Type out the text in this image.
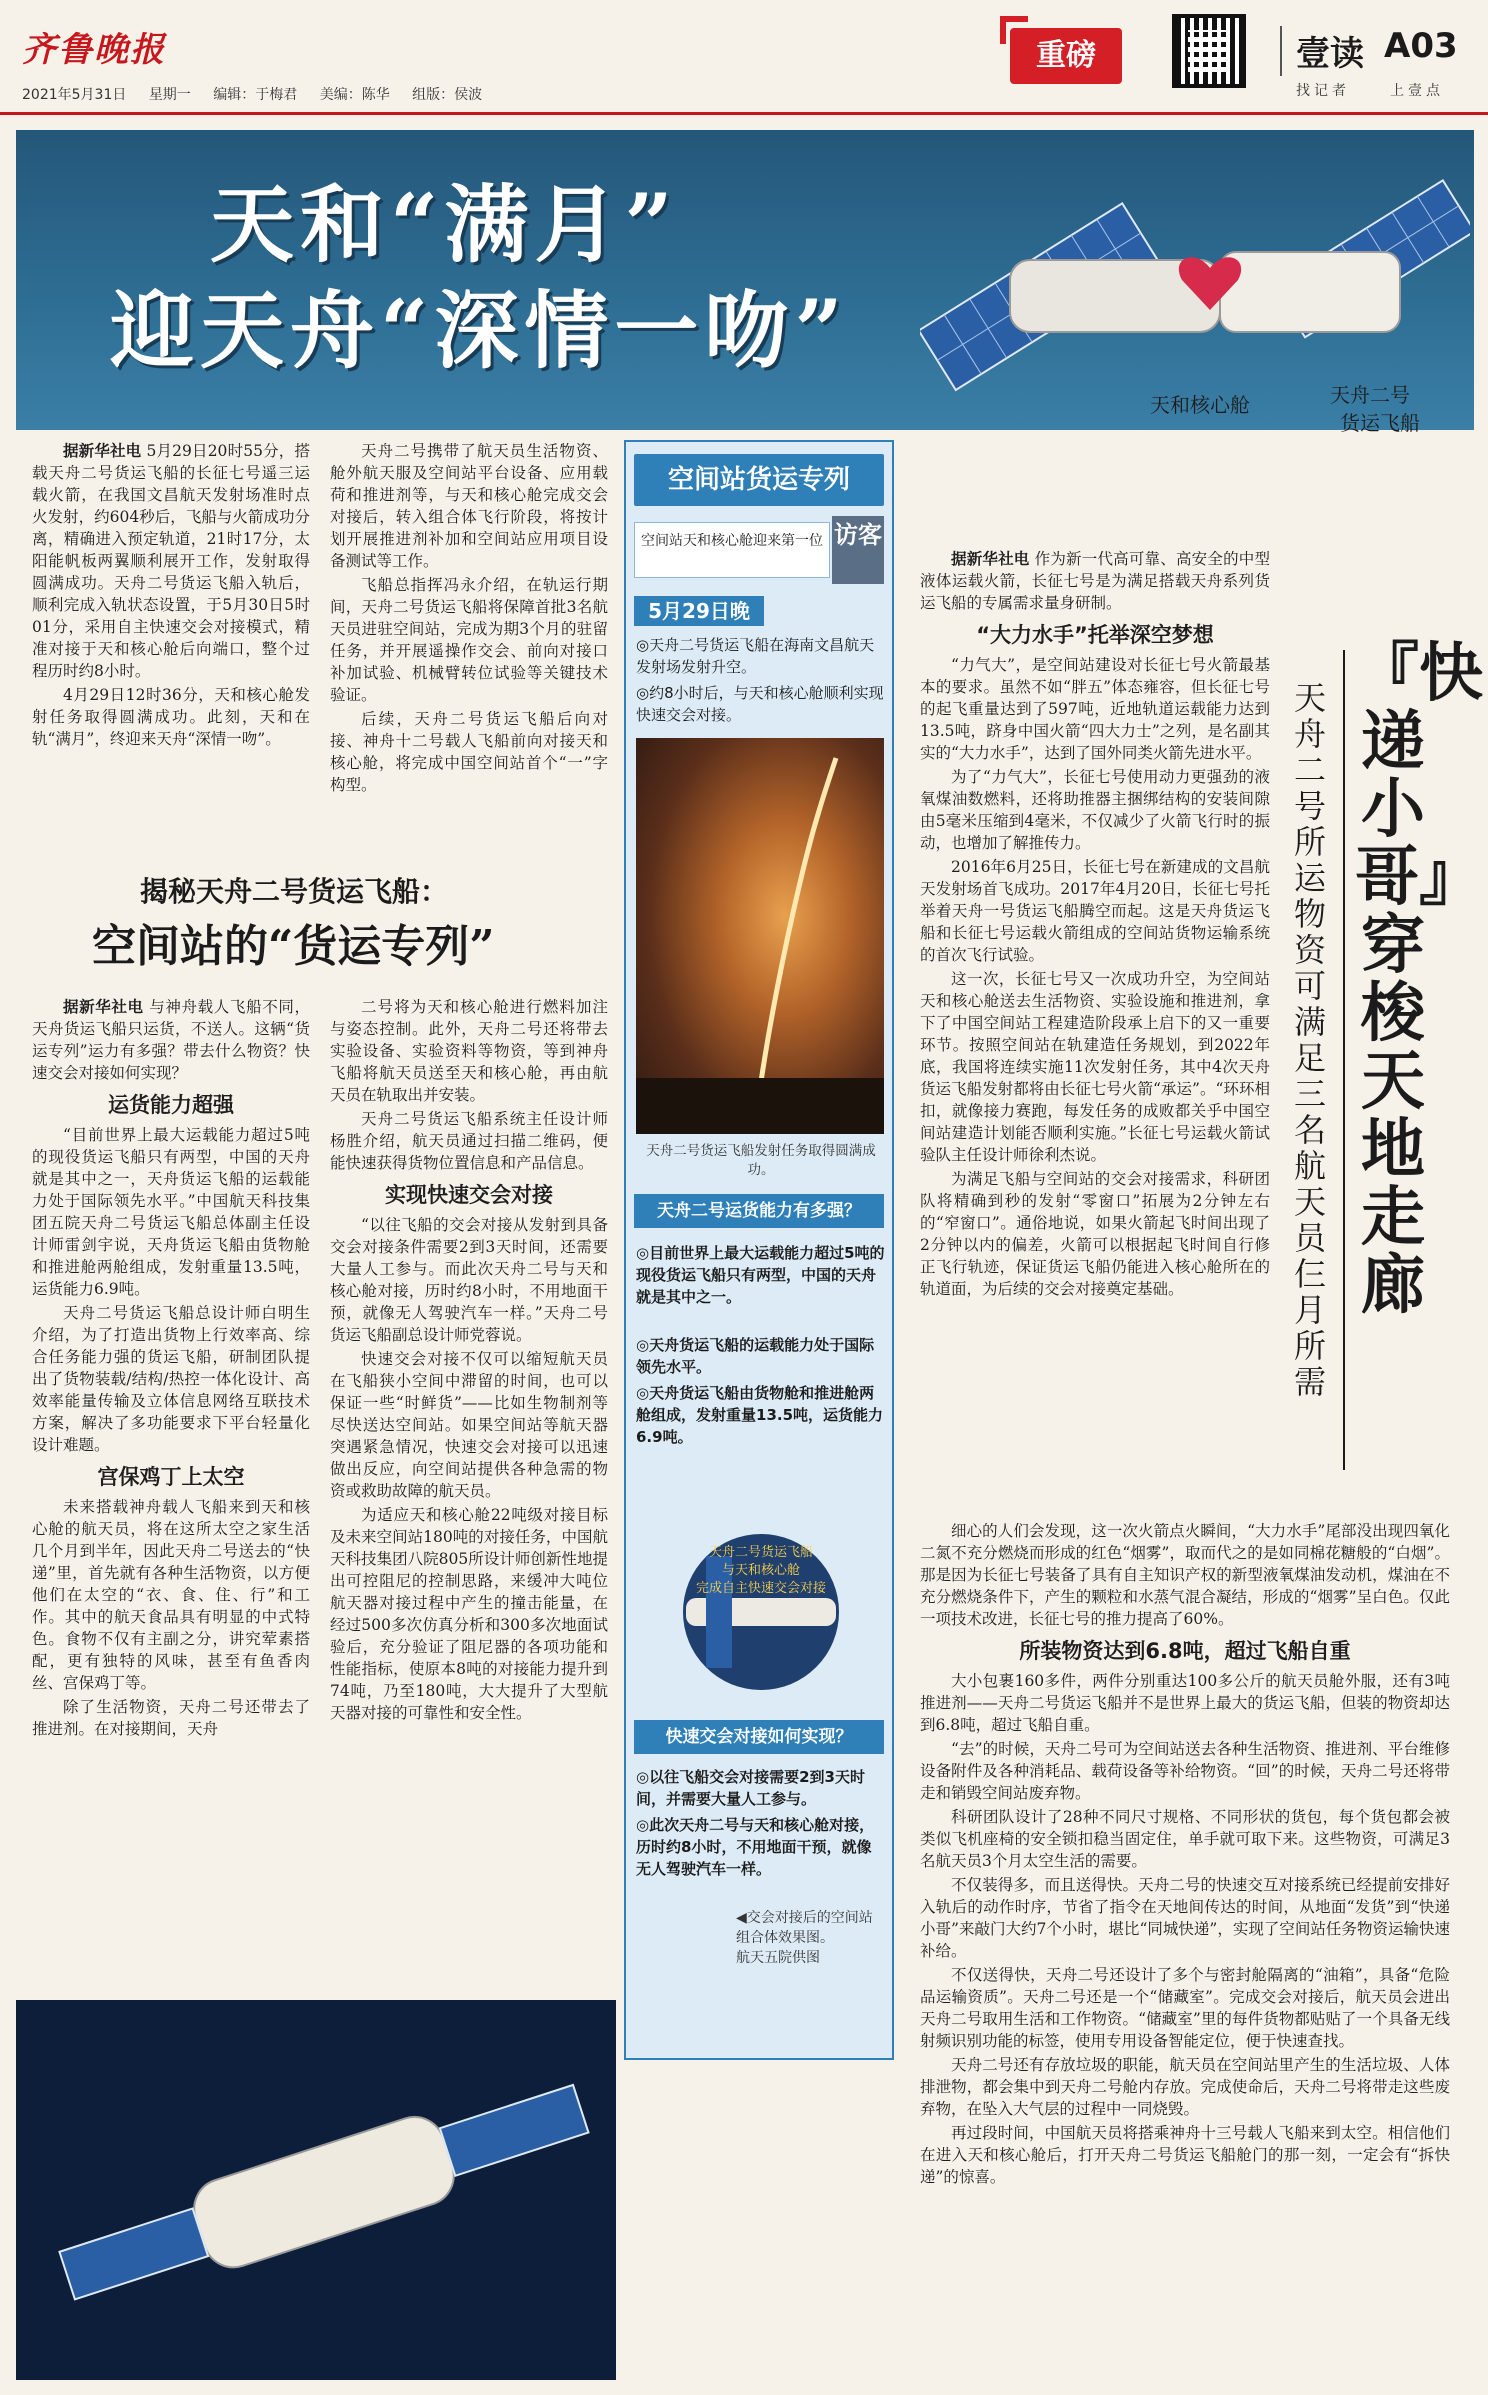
齐鲁晚报
2021年5月31日 星期一 编辑：于梅君 美编：陈华 组版：侯波
重磅	壹读 A03
找记者	上壹点
天和“满月”
迎天舟“深情一吻”
天和核心舱	天舟二号
货运飞船

据新华社电 5月29日20时55分，搭载天舟二号货运飞船的长征七号遥三运载火箭，在我国文昌航天发射场准时点火发射，约604秒后，飞船与火箭成功分离，精确进入预定轨道，21时17分，太阳能帆板两翼顺利展开工作，发射取得圆满成功。天舟二号货运飞船入轨后，顺利完成入轨状态设置，于5月30日5时01分，采用自主快速交会对接模式，精准对接于天和核心舱后向端口，整个过程历时约8小时。

4月29日12时36分，天和核心舱发射任务取得圆满成功。此刻，天和在轨“满月”，终迎来天舟“深情一吻”。

天舟二号携带了航天员生活物资、舱外航天服及空间站平台设备、应用载荷和推进剂等，与天和核心舱完成交会对接后，转入组合体飞行阶段，将按计划开展推进剂补加和空间站应用项目设备测试等工作。

飞船总指挥冯永介绍，在轨运行期间，天舟二号货运飞船将保障首批3名航天员进驻空间站，完成为期3个月的驻留任务，并开展遥操作交会、前向对接口补加试验、机械臂转位试验等关键技术验证。

后续，天舟二号货运飞船后向对接、神舟十二号载人飞船前向对接天和核心舱，将完成中国空间站首个“一”字构型。

揭秘天舟二号货运飞船：
空间站的“货运专列”

据新华社电 与神舟载人飞船不同，天舟货运飞船只运货，不送人。这辆“货运专列”运力有多强？带去什么物资？快速交会对接如何实现？

运货能力超强

“目前世界上最大运载能力超过5吨的现役货运飞船只有两型，中国的天舟就是其中之一，天舟货运飞船的运载能力处于国际领先水平。”中国航天科技集团五院天舟二号货运飞船总体副主任设计师雷剑宇说，天舟货运飞船由货物舱和推进舱两舱组成，发射重量13.5吨，运货能力6.9吨。

天舟二号货运飞船总设计师白明生介绍，为了打造出货物上行效率高、综合任务能力强的货运飞船，研制团队提出了货物装载/结构/热控一体化设计、高效率能量传输及立体信息网络互联技术方案，解决了多功能要求下平台轻量化设计难题。

宫保鸡丁上太空

未来搭载神舟载人飞船来到天和核心舱的航天员，将在这所太空之家生活几个月到半年，因此天舟二号送去的“快递”里，首先就有各种生活物资，以方便他们在太空的“衣、食、住、行”和工作。其中的航天食品具有明显的中式特色。食物不仅有主副之分，讲究荤素搭配，更有独特的风味，甚至有鱼香肉丝、宫保鸡丁等。

除了生活物资，天舟二号还带去了推进剂。在对接期间，天舟

二号将为天和核心舱进行燃料加注与姿态控制。此外，天舟二号还将带去实验设备、实验资料等物资，等到神舟飞船将航天员送至天和核心舱，再由航天员在轨取出并安装。

天舟二号货运飞船系统主任设计师杨胜介绍，航天员通过扫描二维码，便能快速获得货物位置信息和产品信息。

实现快速交会对接

“以往飞船的交会对接从发射到具备交会对接条件需要2到3天时间，还需要大量人工参与。而此次天舟二号与天和核心舱对接，历时约8小时，不用地面干预，就像无人驾驶汽车一样。”天舟二号货运飞船副总设计师党蓉说。

快速交会对接不仅可以缩短航天员在飞船狭小空间中滞留的时间，也可以保证一些“时鲜货”——比如生物制剂等尽快送达空间站。如果空间站等航天器突遇紧急情况，快速交会对接可以迅速做出反应，向空间站提供各种急需的物资或救助故障的航天员。

为适应天和核心舱22吨级对接目标及未来空间站180吨的对接任务，中国航天科技集团八院805所设计师创新性地提出可控阻尼的控制思路，来缓冲大吨位航天器对接过程中产生的撞击能量，在经过500多次仿真分析和300多次地面试验后，充分验证了阻尼器的各项功能和性能指标，使原本8吨的对接能力提升到74吨，乃至180吨，大大提升了大型航天器对接的可靠性和安全性。

空间站货运专列
空间站天和核心舱迎来第一位 访客
5月29日晚
◎天舟二号货运飞船在海南文昌航天发射场发射升空。
◎约8小时后，与天和核心舱顺利实现快速交会对接。
天舟二号货运飞船发射任务取得圆满成功。
天舟二号运货能力有多强？
◎目前世界上最大运载能力超过5吨的现役货运飞船只有两型，中国的天舟就是其中之一。
◎天舟货运飞船的运载能力处于国际领先水平。
◎天舟货运飞船由货物舱和推进舱两舱组成，发射重量13.5吨，运货能力6.9吨。
天舟二号货运飞船
与天和核心舱
完成自主快速交会对接
快速交会对接如何实现？
◎以往飞船交会对接需要2到3天时间，并需要大量人工参与。
◎此次天舟二号与天和核心舱对接，历时约8小时，不用地面干预，就像无人驾驶汽车一样。
◀交会对接后的空间站组合体效果图。
航天五院供图

据新华社电 作为新一代高可靠、高安全的中型液体运载火箭，长征七号是为满足搭载天舟系列货运飞船的专属需求量身研制。

“大力水手”托举深空梦想

“力气大”，是空间站建设对长征七号火箭最基本的要求。虽然不如“胖五”体态雍容，但长征七号的起飞重量达到了597吨，近地轨道运载能力达到13.5吨，跻身中国火箭“四大力士”之列，是名副其实的“大力水手”，达到了国外同类火箭先进水平。

为了“力气大”，长征七号使用动力更强劲的液氧煤油数燃料，还将助推器主捆绑结构的安装间隙由5毫米压缩到4毫米，不仅减少了火箭飞行时的振动，也增加了解推传力。

2016年6月25日，长征七号在新建成的文昌航天发射场首飞成功。2017年4月20日，长征七号托举着天舟一号货运飞船腾空而起。这是天舟货运飞船和长征七号运载火箭组成的空间站货物运输系统的首次飞行试验。

这一次，长征七号又一次成功升空，为空间站天和核心舱送去生活物资、实验设施和推进剂，拿下了中国空间站工程建造阶段承上启下的又一重要环节。按照空间站在轨建造任务规划，到2022年底，我国将连续实施11次发射任务，其中4次天舟货运飞船发射都将由长征七号火箭“承运”。“环环相扣，就像接力赛跑，每发任务的成败都关乎中国空间站建造计划能否顺利实施。”长征七号运载火箭试验队主任设计师徐利杰说。

为满足飞船与空间站的交会对接需求，科研团队将精确到秒的发射“零窗口”拓展为2分钟左右的“窄窗口”。通俗地说，如果火箭起飞时间出现了2分钟以内的偏差，火箭可以根据起飞时间自行修正飞行轨迹，保证货运飞船仍能进入核心舱所在的轨道面，为后续的交会对接奠定基础。

『快递小哥』穿梭天地走廊
天舟二号所运物资可满足三名航天员仨月所需

细心的人们会发现，这一次火箭点火瞬间，“大力水手”尾部没出现四氧化二氮不充分燃烧而形成的红色“烟雾”，取而代之的是如同棉花糖般的“白烟”。那是因为长征七号装备了具有自主知识产权的新型液氧煤油发动机，煤油在不充分燃烧条件下，产生的颗粒和水蒸气混合凝结，形成的“烟雾”呈白色。仅此一项技术改进，长征七号的推力提高了60%。

所装物资达到6.8吨，超过飞船自重

大小包裹160多件，两件分别重达100多公斤的航天员舱外服，还有3吨推进剂——天舟二号货运飞船并不是世界上最大的货运飞船，但装的物资却达到6.8吨，超过飞船自重。

“去”的时候，天舟二号可为空间站送去各种生活物资、推进剂、平台维修设备附件及各种消耗品、载荷设备等补给物资。“回”的时候，天舟二号还将带走和销毁空间站废弃物。

科研团队设计了28种不同尺寸规格、不同形状的货包，每个货包都会被类似飞机座椅的安全锁扣稳当固定住，单手就可取下来。这些物资，可满足3名航天员3个月太空生活的需要。

不仅装得多，而且送得快。天舟二号的快速交互对接系统已经提前安排好入轨后的动作时序，节省了指令在天地间传达的时间，从地面“发货”到“快递小哥”来敲门大约7个小时，堪比“同城快递”，实现了空间站任务物资运输快速补给。

不仅送得快，天舟二号还设计了多个与密封舱隔离的“油箱”，具备“危险品运输资质”。天舟二号还是一个“储藏室”。完成交会对接后，航天员会进出天舟二号取用生活和工作物资。“储藏室”里的每件货物都贴贴了一个具备无线射频识别功能的标签，使用专用设备智能定位，便于快速查找。

天舟二号还有存放垃圾的职能，航天员在空间站里产生的生活垃圾、人体排泄物，都会集中到天舟二号舱内存放。完成使命后，天舟二号将带走这些废弃物，在坠入大气层的过程中一同烧毁。

再过段时间，中国航天员将搭乘神舟十三号载人飞船来到太空。相信他们在进入天和核心舱后，打开天舟二号货运飞船舱门的那一刻，一定会有“拆快递”的惊喜。
